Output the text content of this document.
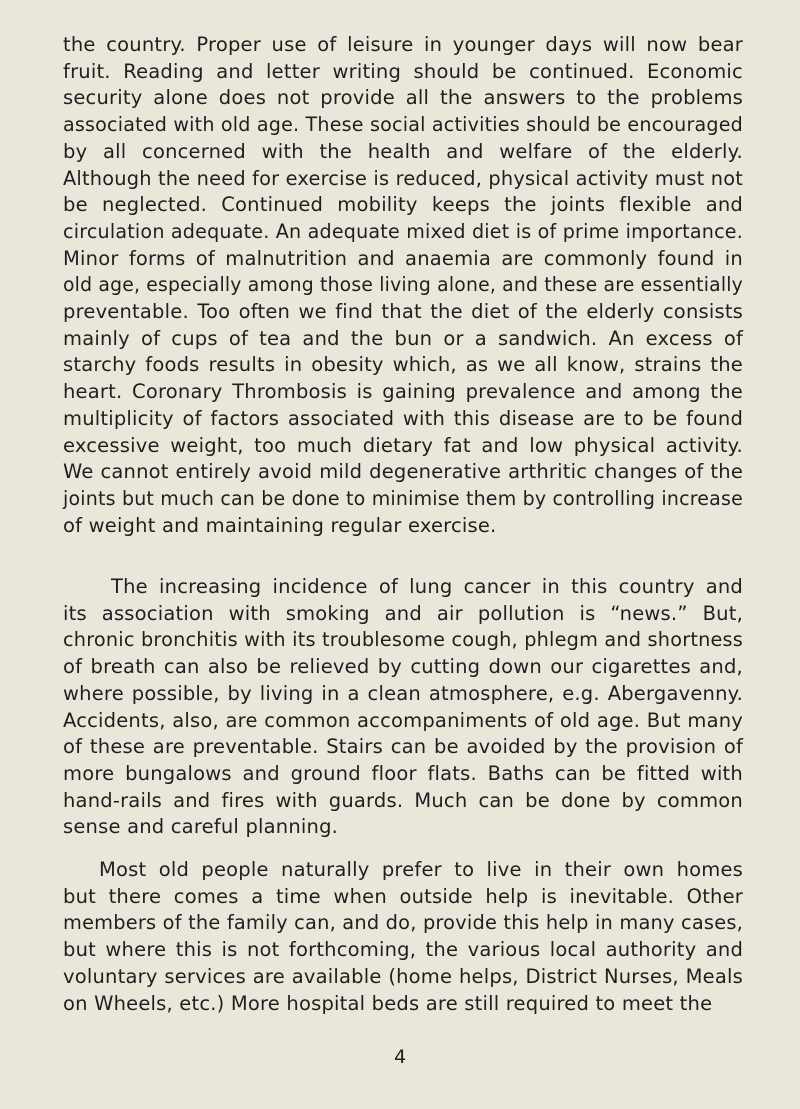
the country. Proper use of leisure in younger days will now bear
fruit. Reading and letter writing should be continued. Economic
security alone does not provide all the answers to the problems
associated with old age. These social activities should be encouraged
by all concerned with the health and welfare of the elderly.
Although the need for exercise is reduced, physical activity must not
be neglected. Continued mobility keeps the joints flexible and
circulation adequate. An adequate mixed diet is of prime importance.
Minor forms of malnutrition and anaemia are commonly found in
old age, especially among those living alone, and these are essentially
preventable. Too often we find that the diet of the elderly consists
mainly of cups of tea and the bun or a sandwich. An excess of
starchy foods results in obesity which, as we all know, strains the
heart. Coronary Thrombosis is gaining prevalence and among the
multiplicity of factors associated with this disease are to be found
excessive weight, too much dietary fat and low physical activity.
We cannot entirely avoid mild degenerative arthritic changes of the
joints but much can be done to minimise them by controlling increase
of weight and maintaining regular exercise.
The increasing incidence of lung cancer in this country and
its association with smoking and air pollution is “news.” But,
chronic bronchitis with its troublesome cough, phlegm and shortness
of breath can also be relieved by cutting down our cigarettes and,
where possible, by living in a clean atmosphere, e.g. Abergavenny.
Accidents, also, are common accompaniments of old age. But many
of these are preventable. Stairs can be avoided by the provision of
more bungalows and ground floor flats. Baths can be fitted with
hand-rails and fires with guards. Much can be done by common
sense and careful planning.
Most old people naturally prefer to live in their own homes
but there comes a time when outside help is inevitable. Other
members of the family can, and do, provide this help in many cases,
but where this is not forthcoming, the various local authority and
voluntary services are available (home helps, District Nurses, Meals
on Wheels, etc.) More hospital beds are still required to meet the
4
